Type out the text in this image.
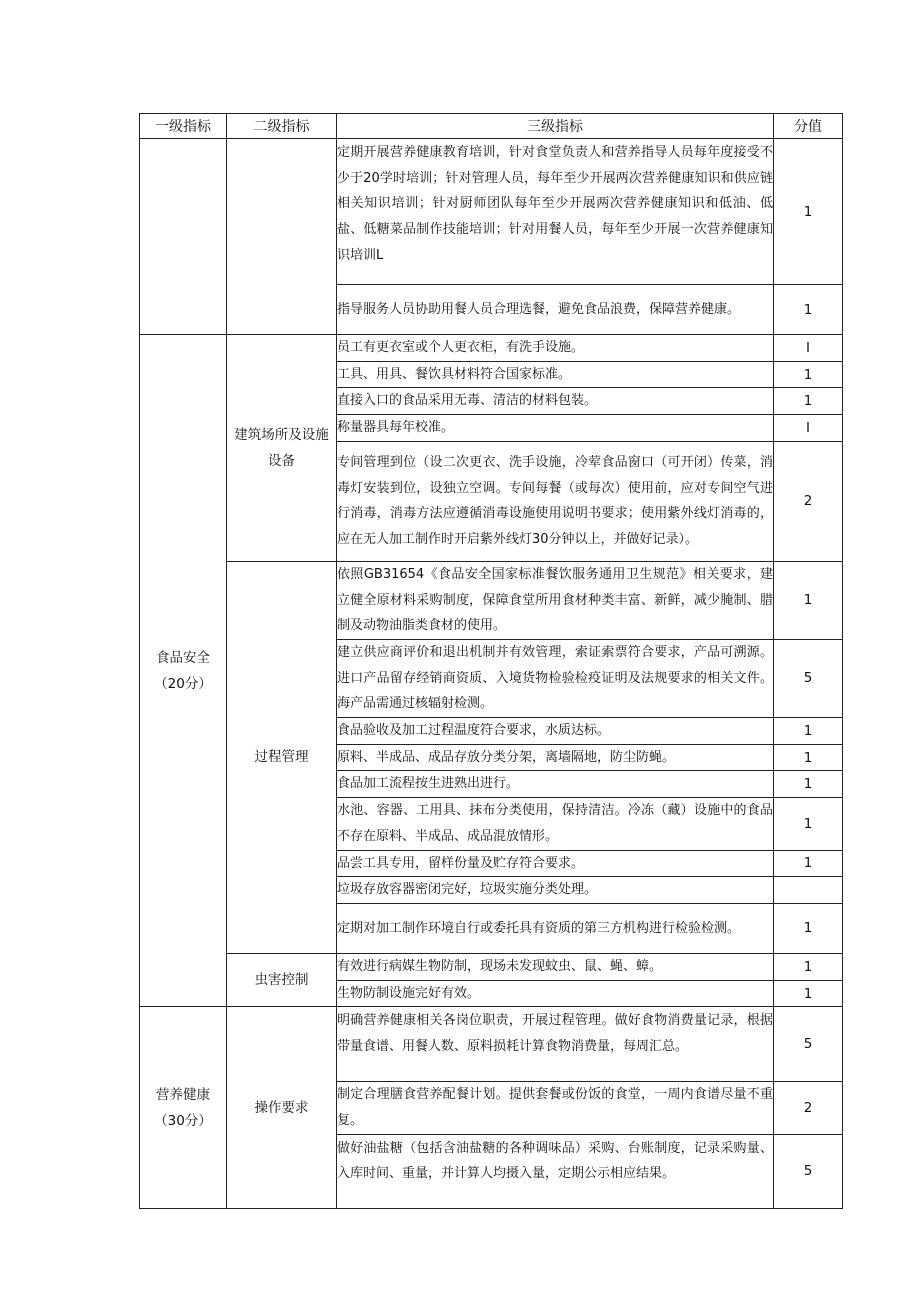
一级指标	二级指标	三级指标	分值
		定期开展营养健康教育培训，针对食堂负责人和营养指导人员每年度接受不少于20学时培训；针对管理人员，每年至少开展两次营养健康知识和供应链相关知识培训；针对厨师团队每年至少开展两次营养健康知识和低油、低盐、低糖菜品制作技能培训；针对用餐人员，每年至少开展一次营养健康知识培训L	1
		指导服务人员协助用餐人员合理选餐，避免食品浪费，保障营养健康。	1
食品安全（20分）	建筑场所及设施设备	员工有更衣室或个人更衣柜，有洗手设施。	I
		工具、用具、餐饮具材料符合国家标准。	1
		直接入口的食品采用无毒、清洁的材料包装。	1
		称量器具每年校准。	I
		专间管理到位（设二次更衣、洗手设施，冷荤食品窗口（可开闭）传菜，消毒灯安装到位，设独立空调。专间每餐（或每次）使用前，应对专间空气进行消毒，消毒方法应遵循消毒设施使用说明书要求；使用紫外线灯消毒的，应在无人加工制作时开启紫外线灯30分钟以上，并做好记录）。	2
	过程管理	依照GB31654《食品安全国家标准餐饮服务通用卫生规范》相关要求，建立健全原材料采购制度，保障食堂所用食材种类丰富、新鲜，减少腌制、腊制及动物油脂类食材的使用。	1
		建立供应商评价和退出机制并有效管理，索证索票符合要求，产品可溯源。进口产品留存经销商资质、入境货物检验检疫证明及法规要求的相关文件。海产品需通过核辐射检测。	5
		食品验收及加工过程温度符合要求，水质达标。	1
		原料、半成品、成品存放分类分架，离墙隔地，防尘防蝇。	1
		食品加工流程按生进熟出进行。	1
		水池、容器、工用具、抹布分类使用，保持清洁。冷冻（藏）设施中的食品不存在原料、半成品、成品混放情形。	1
		品尝工具专用，留样份量及贮存符合要求。	1
		垃圾存放容器密闭完好，垃圾实施分类处理。	
		定期对加工制作环境自行或委托具有资质的第三方机构进行检验检测。	1
	虫害控制	有效进行病媒生物防制，现场未发现蚊虫、鼠、蝇、蟑。	1
		生物防制设施完好有效。	1
营养健康（30分）	操作要求	明确营养健康相关各岗位职责，开展过程管理。做好食物消费量记录，根据带量食谱、用餐人数、原料损耗计算食物消费量，每周汇总。	5
		制定合理膳食营养配餐计划。提供套餐或份饭的食堂，一周内食谱尽量不重复。	2
		做好油盐糖（包括含油盐糖的各种调味品）采购、台账制度，记录采购量、入库时间、重量，并计算人均摄入量，定期公示相应结果。	5
